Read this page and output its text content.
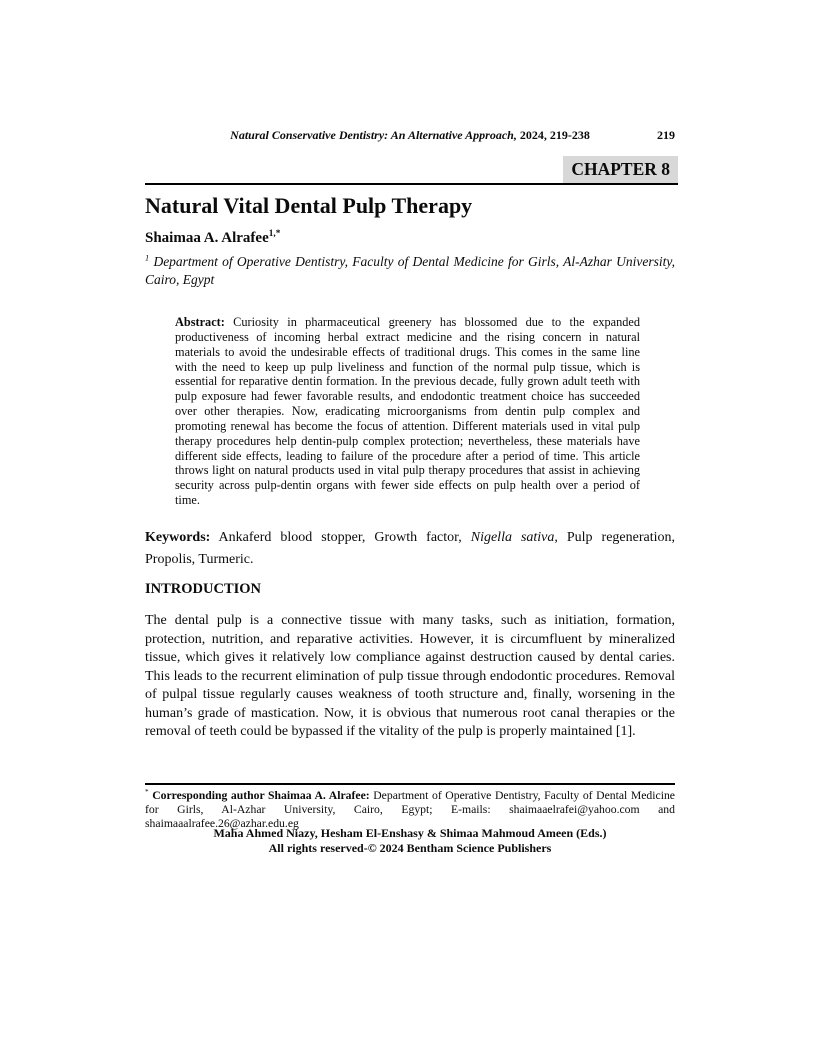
Natural Conservative Dentistry: An Alternative Approach, 2024, 219-238	219
CHAPTER 8
Natural Vital Dental Pulp Therapy
Shaimaa A. Alrafee$^{1,*}$
$^1$ Department of Operative Dentistry, Faculty of Dental Medicine for Girls, Al-Azhar University, Cairo, Egypt
Abstract: Curiosity in pharmaceutical greenery has blossomed due to the expanded productiveness of incoming herbal extract medicine and the rising concern in natural materials to avoid the undesirable effects of traditional drugs. This comes in the same line with the need to keep up pulp liveliness and function of the normal pulp tissue, which is essential for reparative dentin formation. In the previous decade, fully grown adult teeth with pulp exposure had fewer favorable results, and endodontic treatment choice has succeeded over other therapies. Now, eradicating microorganisms from dentin pulp complex and promoting renewal has become the focus of attention. Different materials used in vital pulp therapy procedures help dentin-pulp complex protection; nevertheless, these materials have different side effects, leading to failure of the procedure after a period of time. This article throws light on natural products used in vital pulp therapy procedures that assist in achieving security across pulp-dentin organs with fewer side effects on pulp health over a period of time.
Keywords: Ankaferd blood stopper, Growth factor, Nigella sativa, Pulp regeneration, Propolis, Turmeric.
INTRODUCTION

The dental pulp is a connective tissue with many tasks, such as initiation, formation, protection, nutrition, and reparative activities. However, it is circumfluent by mineralized tissue, which gives it relatively low compliance against destruction caused by dental caries. This leads to the recurrent elimination of pulp tissue through endodontic procedures. Removal of pulpal tissue regularly causes weakness of tooth structure and, finally, worsening in the human’s grade of mastication. Now, it is obvious that numerous root canal therapies or the removal of teeth could be bypassed if the vitality of the pulp is properly maintained [1].

* Corresponding author Shaimaa A. Alrafee: Department of Operative Dentistry, Faculty of Dental Medicine for Girls, Al-Azhar University, Cairo, Egypt; E-mails: shaimaaelrafei@yahoo.com and shaimaaalrafee.26@azhar.edu.eg
Maha Ahmed Niazy, Hesham El-Enshasy & Shimaa Mahmoud Ameen (Eds.)
All rights reserved-© 2024 Bentham Science Publishers
